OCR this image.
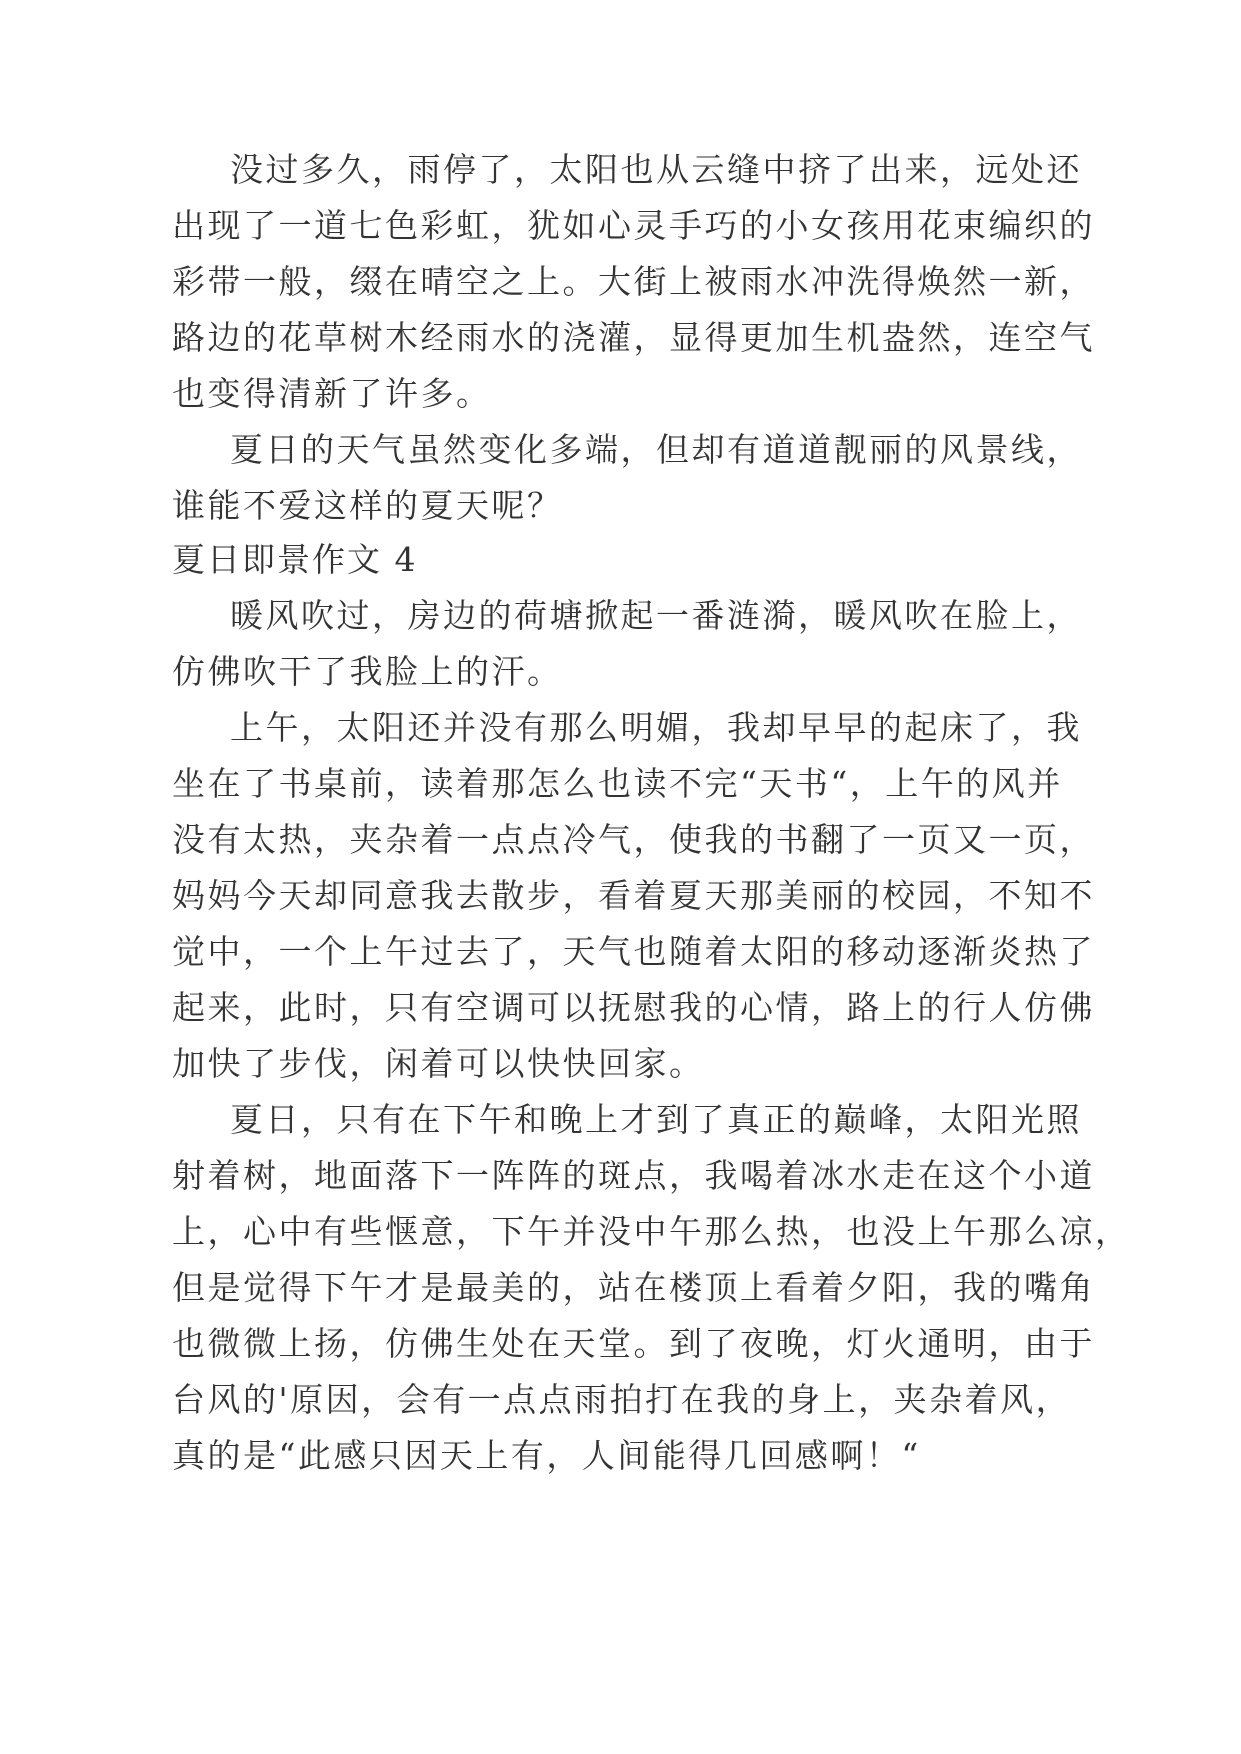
没过多久，雨停了，太阳也从云缝中挤了出来，远处还
出现了一道七色彩虹，犹如心灵手巧的小女孩用花束编织的
彩带一般，缀在晴空之上。大街上被雨水冲洗得焕然一新，
路边的花草树木经雨水的浇灌，显得更加生机盎然，连空气
也变得清新了许多。
夏日的天气虽然变化多端，但却有道道靓丽的风景线，
谁能不爱这样的夏天呢？
夏日即景作文 4
暖风吹过，房边的荷塘掀起一番涟漪，暖风吹在脸上，
仿佛吹干了我脸上的汗。
上午，太阳还并没有那么明媚，我却早早的起床了，我
坐在了书桌前，读着那怎么也读不完“天书“，上午的风并
没有太热，夹杂着一点点冷气，使我的书翻了一页又一页，
妈妈今天却同意我去散步，看着夏天那美丽的校园，不知不
觉中，一个上午过去了，天气也随着太阳的移动逐渐炎热了
起来，此时，只有空调可以抚慰我的心情，路上的行人仿佛
加快了步伐，闲着可以快快回家。
夏日，只有在下午和晚上才到了真正的巅峰，太阳光照
射着树，地面落下一阵阵的斑点，我喝着冰水走在这个小道
上，心中有些惬意，下午并没中午那么热，也没上午那么凉，
但是觉得下午才是最美的，站在楼顶上看着夕阳，我的嘴角
也微微上扬，仿佛生处在天堂。到了夜晚，灯火通明，由于
台风的'原因，会有一点点雨拍打在我的身上，夹杂着风，
真的是“此感只因天上有，人间能得几回感啊！“
